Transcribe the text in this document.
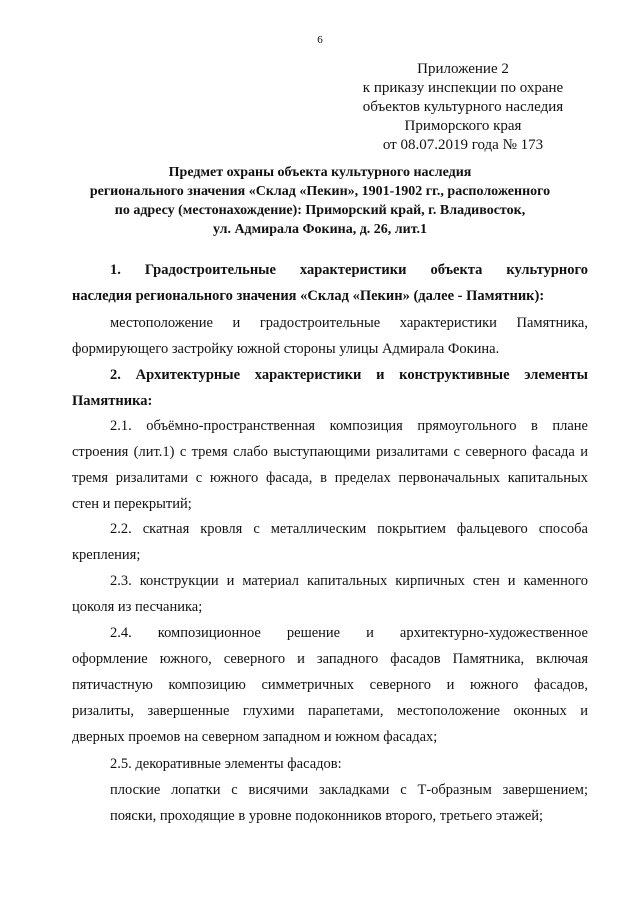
6
Приложение 2
к приказу инспекции по охране
объектов культурного наследия
Приморского края
от 08.07.2019 года № 173
Предмет охраны объекта культурного наследия
регионального значения «Склад «Пекин», 1901-1902 гг., расположенного
по адресу (местонахождение): Приморский край, г. Владивосток,
ул. Адмирала Фокина, д. 26, лит.1
1. Градостроительные характеристики объекта культурного
наследия регионального значения «Склад «Пекин» (далее - Памятник):
местоположение и градостроительные характеристики Памятника,
формирующего застройку южной стороны улицы Адмирала Фокина.
2. Архитектурные характеристики и конструктивные элементы
Памятника:
2.1. объёмно-пространственная композиция прямоугольного в плане
строения (лит.1) с тремя слабо выступающими ризалитами с северного фасада и
тремя ризалитами с южного фасада, в пределах первоначальных капитальных
стен и перекрытий;
2.2. скатная кровля с металлическим покрытием фальцевого способа
крепления;
2.3. конструкции и материал капитальных кирпичных стен и каменного
цоколя из песчаника;
2.4. композиционное решение и архитектурно-художественное
оформление южного, северного и западного фасадов Памятника, включая
пятичастную композицию симметричных северного и южного фасадов,
ризалиты, завершенные глухими парапетами, местоположение оконных и
дверных проемов на северном западном и южном фасадах;
2.5. декоративные элементы фасадов:
плоские лопатки с висячими закладками с Т-образным завершением;
пояски, проходящие в уровне подоконников второго, третьего этажей;
